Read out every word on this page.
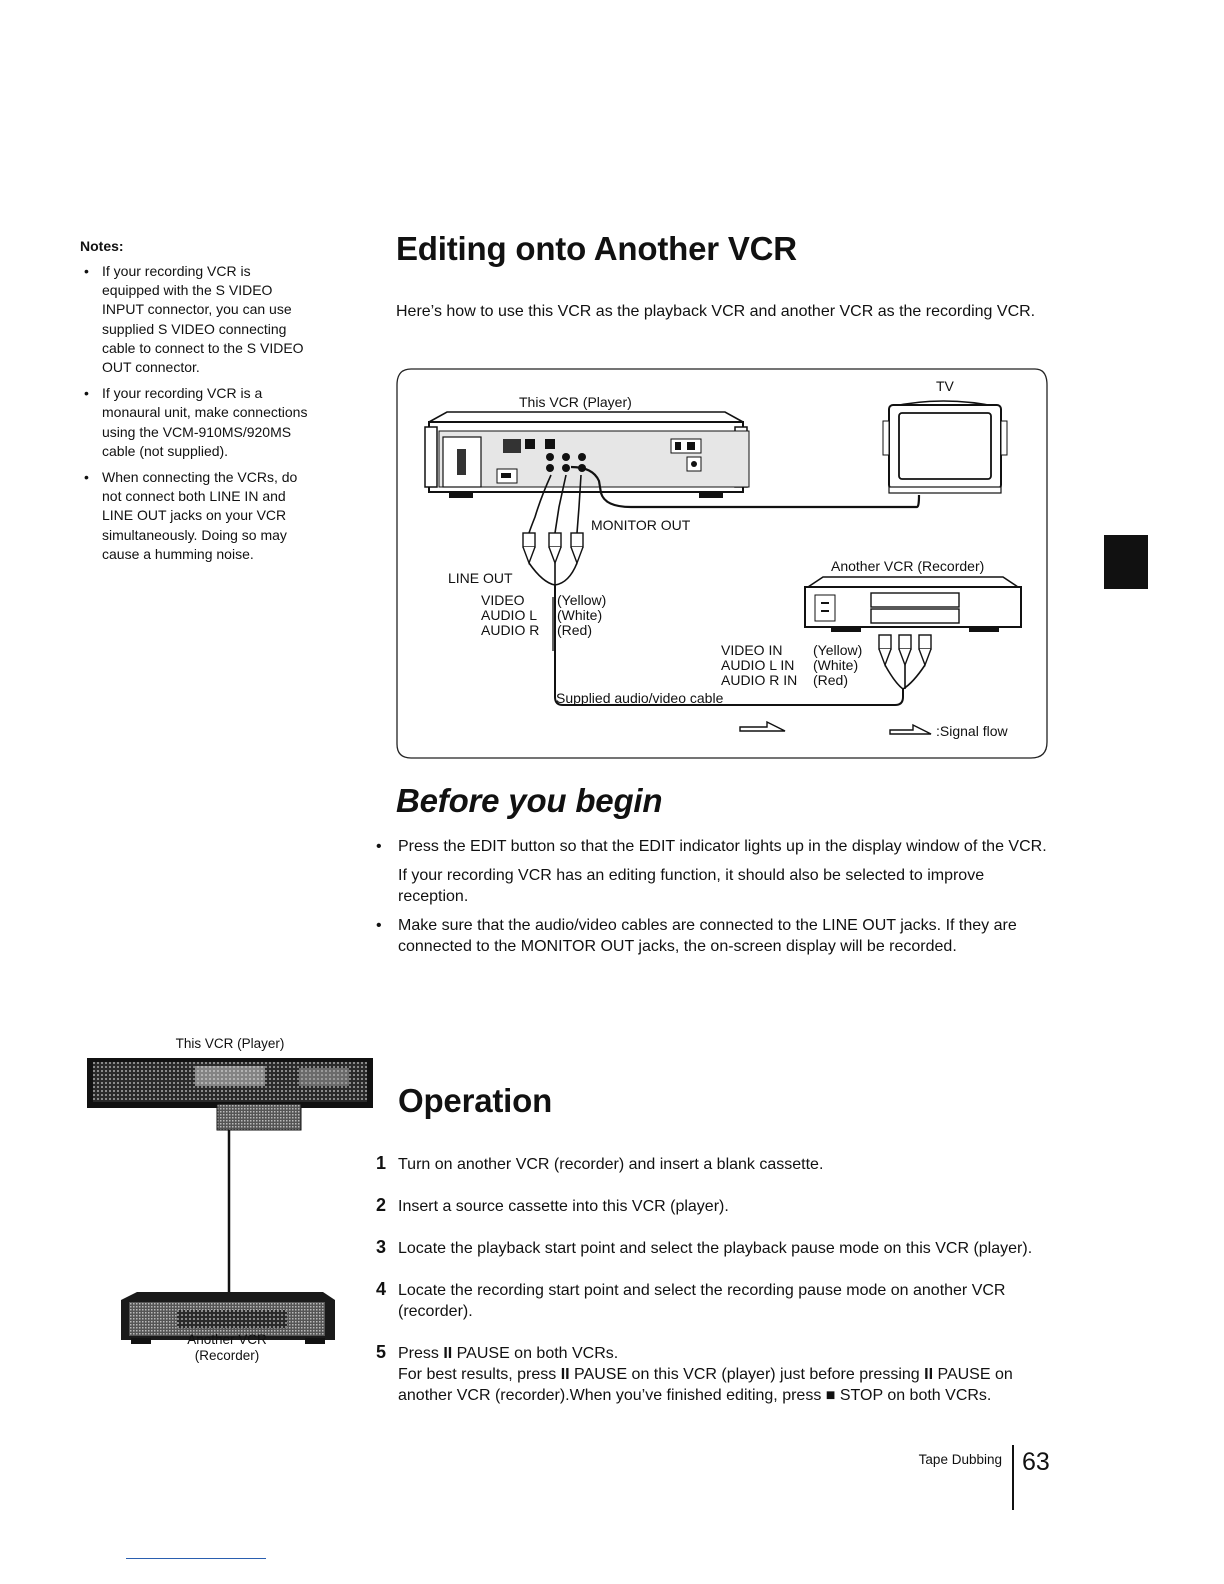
Notes:
• If your recording VCR is equipped with the S VIDEO INPUT connector, you can use supplied S VIDEO connecting cable to connect to the S VIDEO OUT connector.
• If your recording VCR is a monaural unit, make connections using the VCM-910MS/920MS cable (not supplied).
• When connecting the VCRs, do not connect both LINE IN and LINE OUT jacks on your VCR simultaneously. Doing so may cause a humming noise.
Editing onto Another VCR
Here’s how to use this VCR as the playback VCR and another VCR as the recording VCR.
This VCR (Player)
TV
MONITOR OUT
Another VCR (Recorder)
LINE OUT
VIDEO
AUDIO L
AUDIO R
(Yellow)
(White)
(Red)
VIDEO IN
AUDIO L IN
AUDIO R IN
(Yellow)
(White)
(Red)
Supplied audio/video cable
:Signal flow
Before you begin
• Press the EDIT button so that the EDIT indicator lights up in the display window of the VCR.

If your recording VCR has an editing function, it should also be selected to improve reception.

• Make sure that the audio/video cables are connected to the LINE OUT jacks. If they are connected to the MONITOR OUT jacks, the on-screen display will be recorded.

This VCR (Player)
Another VCR
(Recorder)
Operation
1 Turn on another VCR (recorder) and insert a blank cassette.

2 Insert a source cassette into this VCR (player).

3 Locate the playback start point and select the playback pause mode on this VCR (player).

4 Locate the recording start point and select the recording pause mode on another VCR (recorder).

5 Press II PAUSE on both VCRs.

For best results, press II PAUSE on this VCR (player) just before pressing II PAUSE on another VCR (recorder).When you’ve finished editing, press ■ STOP on both VCRs.

Tape Dubbing 63
